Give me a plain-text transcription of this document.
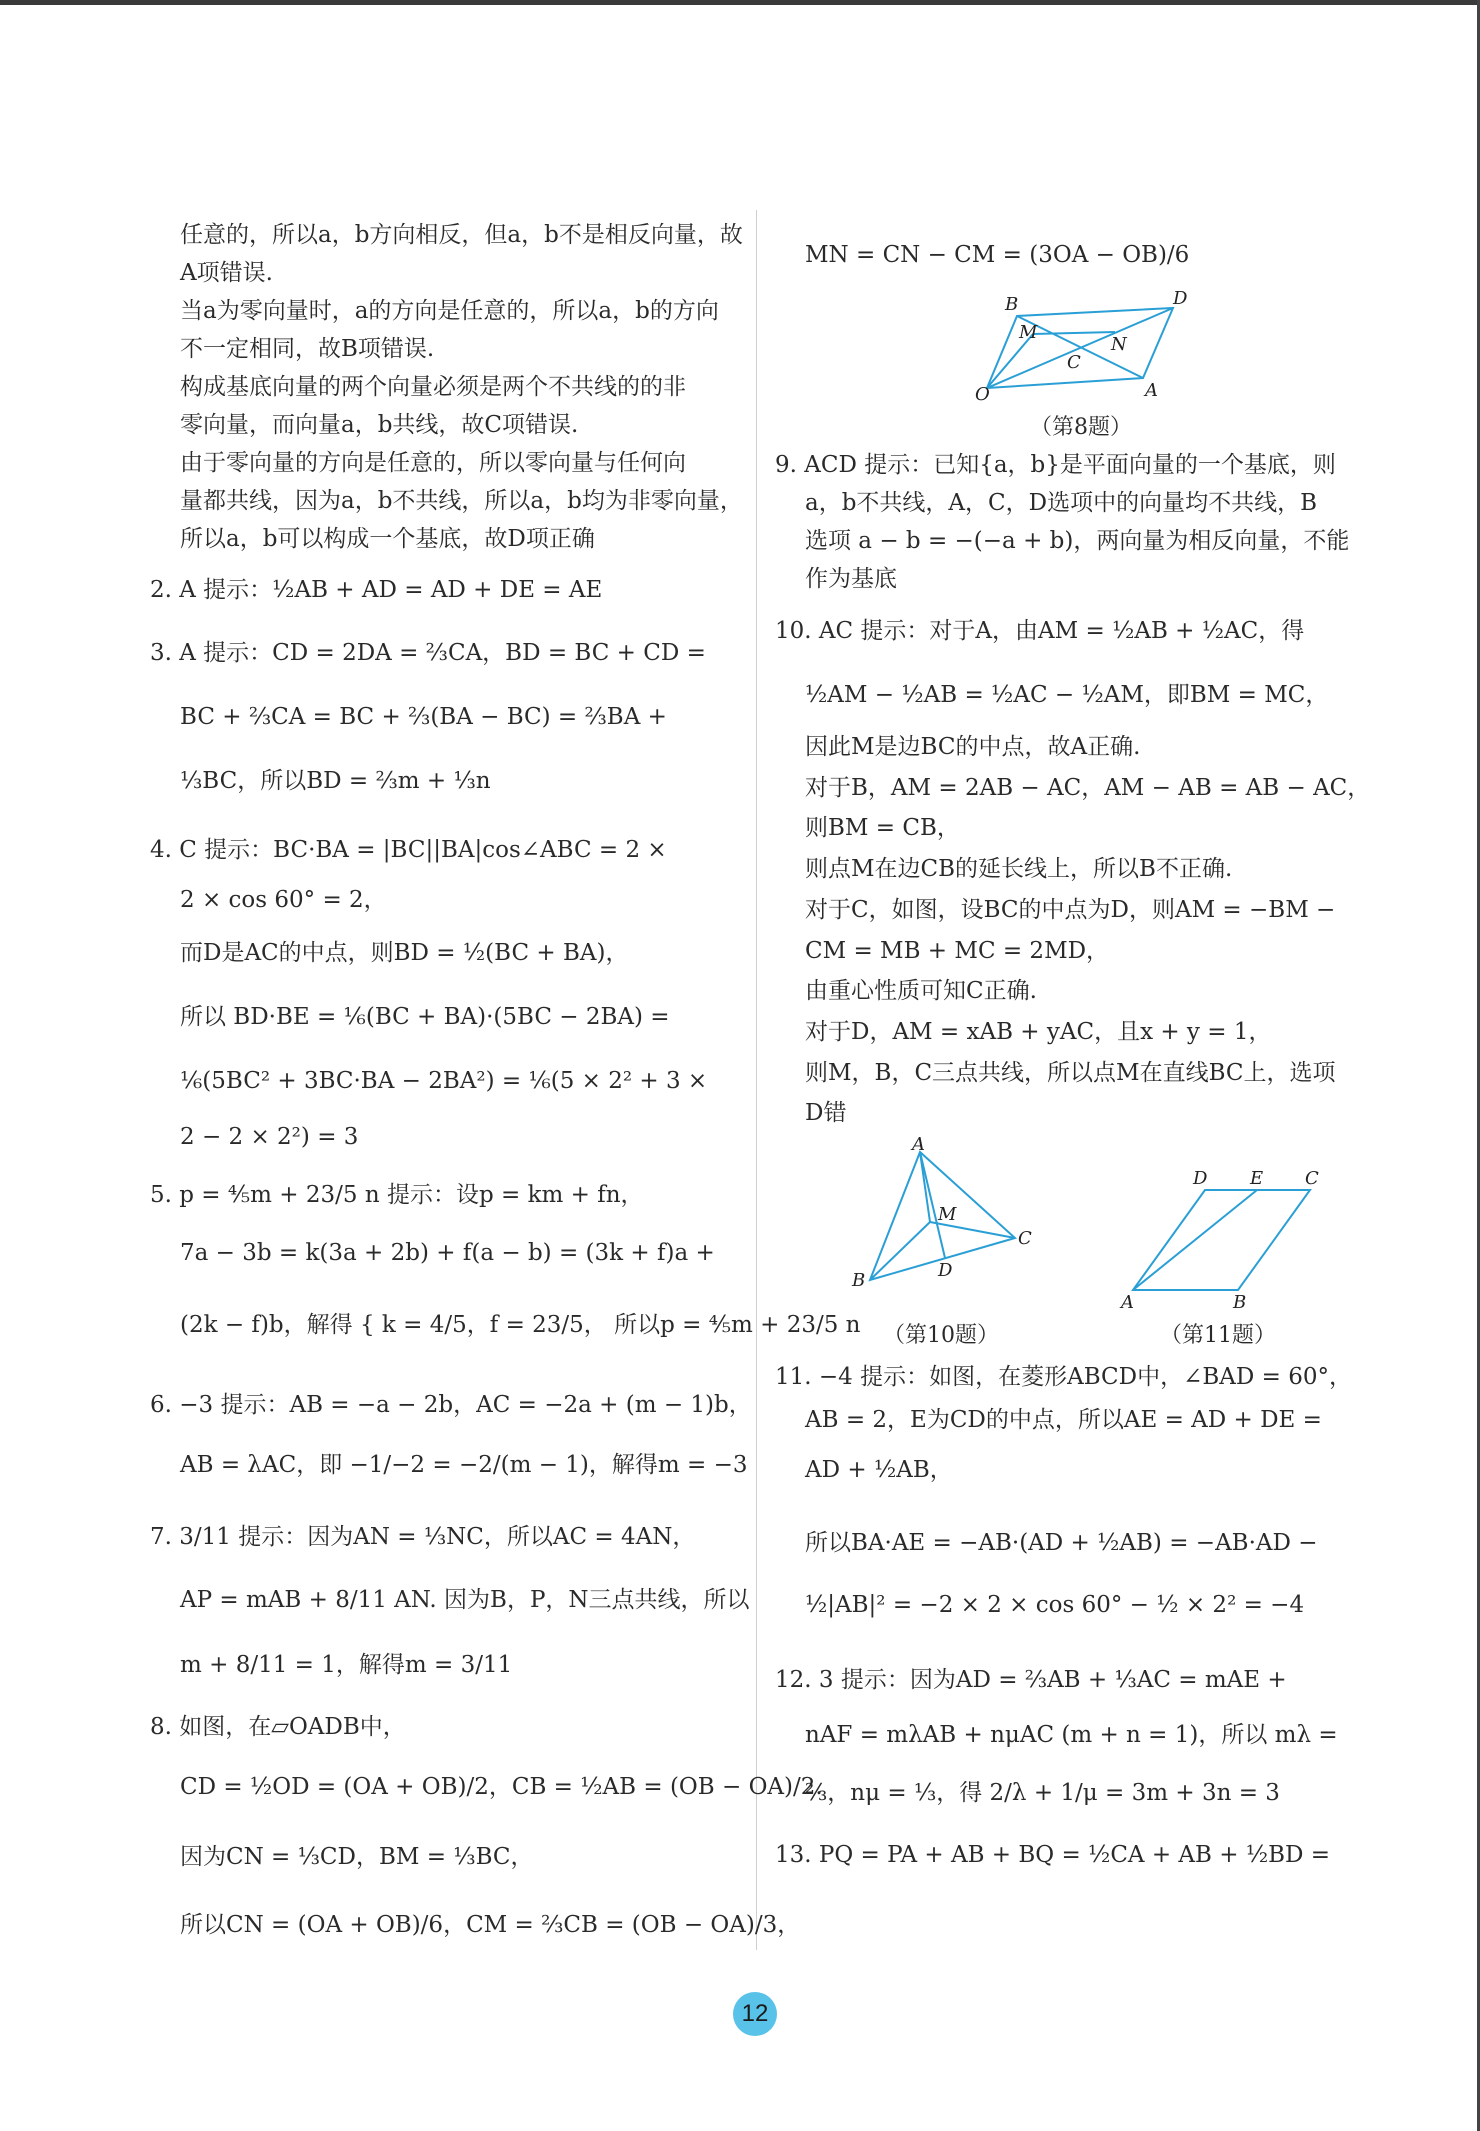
任意的，所以a，b方向相反，但a，b不是相反向量，故
A项错误.
当a为零向量时，a的方向是任意的，所以a，b的方向
不一定相同，故B项错误.
构成基底向量的两个向量必须是两个不共线的的非
零向量，而向量a，b共线，故C项错误.
由于零向量的方向是任意的，所以零向量与任何向
量都共线，因为a，b不共线，所以a，b均为非零向量，
所以a，b可以构成一个基底，故D项正确
2. A 提示：½AB + AD = AD + DE = AE
3. A 提示：CD = 2DA = ⅔CA，BD = BC + CD =
BC + ⅔CA = BC + ⅔(BA − BC) = ⅔BA +
⅓BC，所以BD = ⅔m + ⅓n
4. C 提示：BC·BA = |BC||BA|cos∠ABC = 2 ×
2 × cos 60° = 2，
而D是AC的中点，则BD = ½(BC + BA)，
所以 BD·BE = ⅙(BC + BA)·(5BC − 2BA) =
⅙(5BC² + 3BC·BA − 2BA²) = ⅙(5 × 2² + 3 ×
2 − 2 × 2²) = 3
5. p = ⅘m + 23/5 n 提示：设p = km + fn，
7a − 3b = k(3a + 2b) + f(a − b) = (3k + f)a +
(2k − f)b，解得 { k = 4/5，f = 23/5， 所以p = ⅘m + 23/5 n
6. −3 提示：AB = −a − 2b，AC = −2a + (m − 1)b，
AB = λAC，即 −1/−2 = −2/(m − 1)，解得m = −3
7. 3/11 提示：因为AN = ⅓NC，所以AC = 4AN，
AP = mAB + 8/11 AN. 因为B，P，N三点共线，所以
m + 8/11 = 1，解得m = 3/11
8. 如图，在▱OADB中，
CD = ½OD = (OA + OB)/2，CB = ½AB = (OB − OA)/2.
因为CN = ⅓CD，BM = ⅓BC，
所以CN = (OA + OB)/6，CM = ⅔CB = (OB − OA)/3，
MN = CN − CM = (3OA − OB)/6
B	D
M
N
C
O	A
（第8题）
9. ACD 提示：已知{a，b}是平面向量的一个基底，则
a，b不共线，A，C，D选项中的向量均不共线，B
选项 a − b = −(−a + b)，两向量为相反向量，不能
作为基底
10. AC 提示：对于A，由AM = ½AB + ½AC，得
½AM − ½AB = ½AC − ½AM，即BM = MC，
因此M是边BC的中点，故A正确.
对于B，AM = 2AB − AC，AM − AB = AB − AC，
则BM = CB，
则点M在边CB的延长线上，所以B不正确.
对于C，如图，设BC的中点为D，则AM = −BM −
CM = MB + MC = 2MD，
由重心性质可知C正确.
对于D，AM = xAB + yAC，且x + y = 1，
则M，B，C三点共线，所以点M在直线BC上，选项
D错
A
M
C
B	D
（第10题）
D E C
A	B
（第11题）
11. −4 提示：如图，在菱形ABCD中，∠BAD = 60°，
AB = 2，E为CD的中点，所以AE = AD + DE =
AD + ½AB，
所以BA·AE = −AB·(AD + ½AB) = −AB·AD −
½|AB|² = −2 × 2 × cos 60° − ½ × 2² = −4
12. 3 提示：因为AD = ⅔AB + ⅓AC = mAE +
nAF = mλAB + nμAC (m + n = 1)，所以 mλ =
⅔，nμ = ⅓，得 2/λ + 1/μ = 3m + 3n = 3
13. PQ = PA + AB + BQ = ½CA + AB + ½BD =
12
